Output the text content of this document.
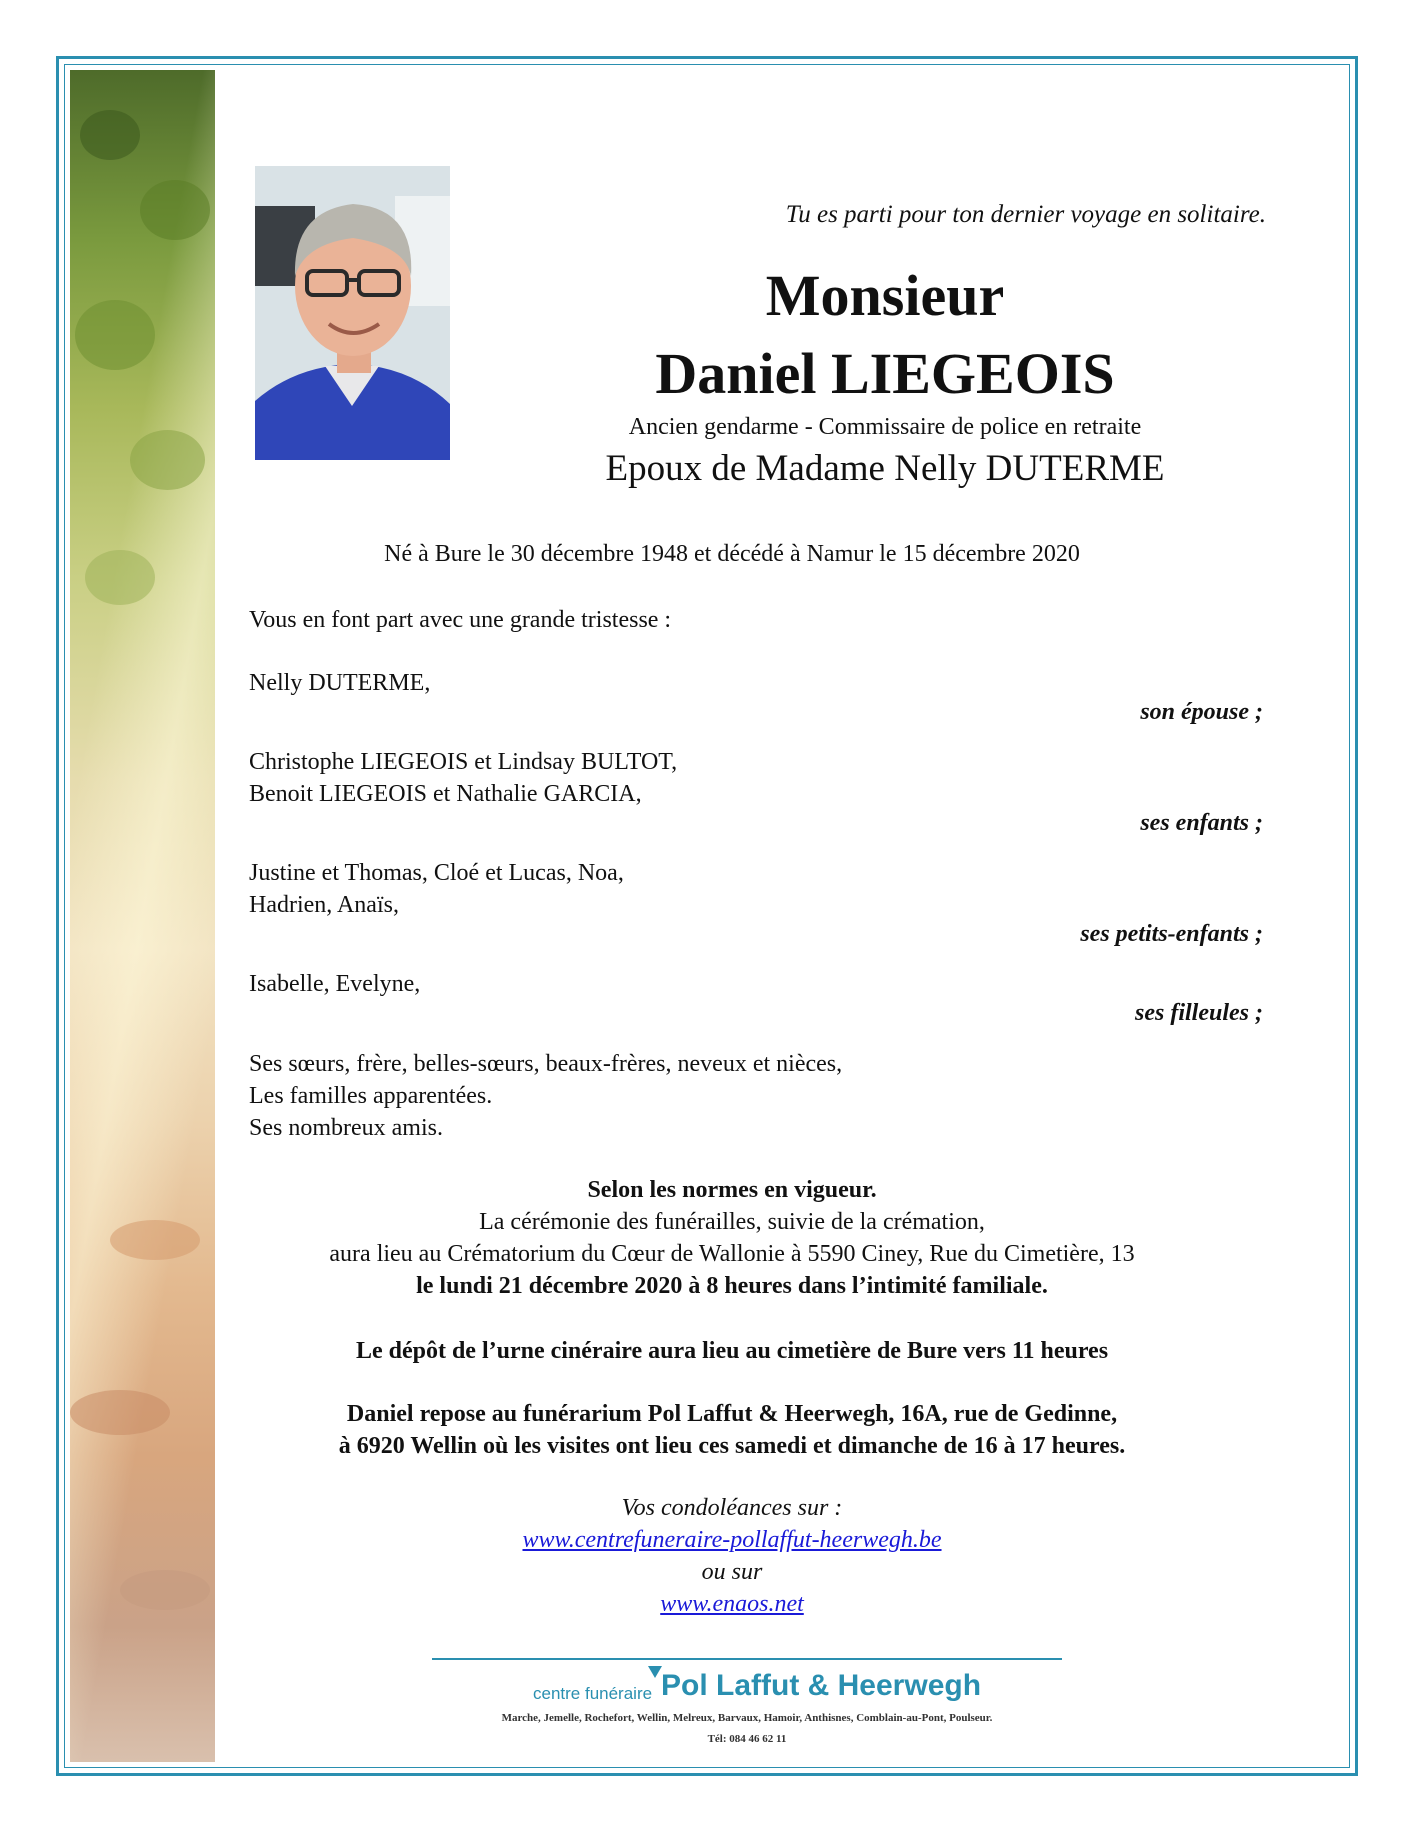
Tu es parti pour ton dernier voyage en solitaire.
Monsieur
Daniel LIEGEOIS
Ancien gendarme - Commissaire de police en retraite
Epoux de Madame Nelly DUTERME
Né à Bure le 30 décembre 1948 et décédé à Namur le 15 décembre 2020
Vous en font part avec une grande tristesse :
Nelly DUTERME,
son épouse ;
Christophe LIEGEOIS et Lindsay BULTOT,
Benoit LIEGEOIS et Nathalie GARCIA,
ses enfants ;
Justine et Thomas, Cloé et Lucas, Noa,
Hadrien, Anaïs,
ses petits-enfants ;
Isabelle, Evelyne,
ses filleules ;
Ses sœurs, frère, belles-sœurs, beaux-frères, neveux et nièces,
Les familles apparentées.
Ses nombreux amis.
Selon les normes en vigueur.
La cérémonie des funérailles, suivie de la crémation,
aura lieu au Crématorium du Cœur de Wallonie à 5590 Ciney, Rue du Cimetière, 13
le lundi 21 décembre 2020 à 8 heures dans l’intimité familiale.
Le dépôt de l’urne cinéraire aura lieu au cimetière de Bure vers 11 heures
Daniel repose au funérarium Pol Laffut & Heerwegh, 16A, rue de Gedinne,
à 6920 Wellin où les visites ont lieu ces samedi et dimanche de 16 à 17 heures.
Vos condoléances sur :
www.centrefuneraire-pollaffut-heerwegh.be
ou sur
www.enaos.net
centre funéraire Pol Laffut & Heerwegh
Marche, Jemelle, Rochefort, Wellin, Melreux, Barvaux, Hamoir, Anthisnes, Comblain-au-Pont, Poulseur.
Tél: 084 46 62 11
